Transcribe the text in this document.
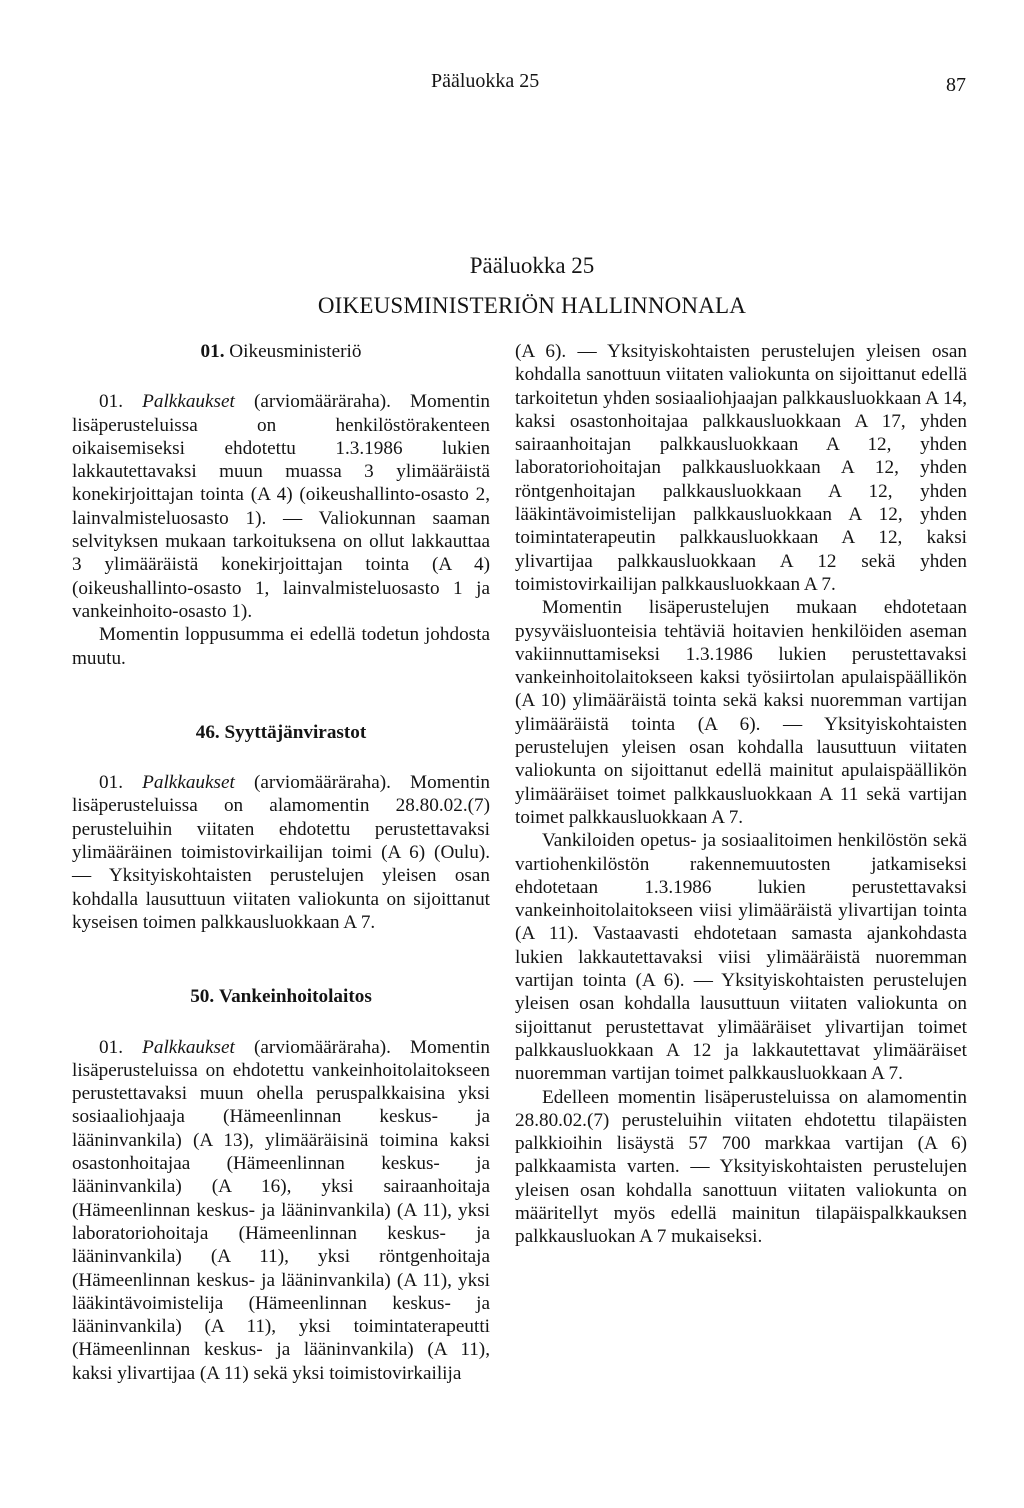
Pääluokka 25	87
Pääluokka 25
OIKEUSMINISTERIÖN HALLINNONALA

01. Oikeusministeriö

01. Palkkaukset (arviomääräraha). Momentin lisäperusteluissa on henkilöstörakenteen oikaisemiseksi ehdotettu 1.3.1986 lukien lakkautettavaksi muun muassa 3 ylimääräistä konekirjoittajan tointa (A 4) (oikeushallinto-osasto 2, lainvalmisteluosasto 1). — Valiokunnan saaman selvityksen mukaan tarkoituksena on ollut lakkauttaa 3 ylimääräistä konekirjoittajan tointa (A 4) (oikeushallinto-osasto 1, lainvalmisteluosasto 1 ja vankeinhoito-osasto 1).

Momentin loppusumma ei edellä todetun johdosta muutu.

46. Syyttäjänvirastot

01. Palkkaukset (arviomääräraha). Momentin lisäperusteluissa on alamomentin 28.80.02.(7) perusteluihin viitaten ehdotettu perustettavaksi ylimääräinen toimistovirkailijan toimi (A 6) (Oulu). — Yksityiskohtaisten perustelujen yleisen osan kohdalla lausuttuun viitaten valiokunta on sijoittanut kyseisen toimen palkkausluokkaan A 7.

50. Vankeinhoitolaitos

01. Palkkaukset (arviomääräraha). Momentin lisäperusteluissa on ehdotettu vankeinhoitolaitokseen perustettavaksi muun ohella peruspalkkaisina yksi sosiaaliohjaaja (Hämeenlinnan keskus- ja lääninvankila) (A 13), ylimääräisinä toimina kaksi osastonhoitajaa (Hämeenlinnan keskus- ja lääninvankila) (A 16), yksi sairaanhoitaja (Hämeenlinnan keskus- ja lääninvankila) (A 11), yksi laboratoriohoitaja (Hämeenlinnan keskus- ja lääninvankila) (A 11), yksi röntgenhoitaja (Hämeenlinnan keskus- ja lääninvankila) (A 11), yksi lääkintävoimistelija (Hämeenlinnan keskus- ja lääninvankila) (A 11), yksi toimintaterapeutti (Hämeenlinnan keskus- ja lääninvankila) (A 11), kaksi ylivartijaa (A 11) sekä yksi toimistovirkailija

(A 6). — Yksityiskohtaisten perustelujen yleisen osan kohdalla sanottuun viitaten valiokunta on sijoittanut edellä tarkoitetun yhden sosiaaliohjaajan palkkausluokkaan A 14, kaksi osastonhoitajaa palkkausluokkaan A 17, yhden sairaanhoitajan palkkausluokkaan A 12, yhden laboratoriohoitajan palkkausluokkaan A 12, yhden röntgenhoitajan palkkausluokkaan A 12, yhden lääkintävoimistelijan palkkausluokkaan A 12, yhden toimintaterapeutin palkkausluokkaan A 12, kaksi ylivartijaa palkkausluokkaan A 12 sekä yhden toimistovirkailijan palkkausluokkaan A 7.

Momentin lisäperustelujen mukaan ehdotetaan pysyväisluonteisia tehtäviä hoitavien henkilöiden aseman vakiinnuttamiseksi 1.3.1986 lukien perustettavaksi vankeinhoitolaitokseen kaksi työsiirtolan apulaispäällikön (A 10) ylimääräistä tointa sekä kaksi nuoremman vartijan ylimääräistä tointa (A 6). — Yksityiskohtaisten perustelujen yleisen osan kohdalla lausuttuun viitaten valiokunta on sijoittanut edellä mainitut apulaispäällikön ylimääräiset toimet palkkausluokkaan A 11 sekä vartijan toimet palkkausluokkaan A 7.

Vankiloiden opetus- ja sosiaalitoimen henkilöstön sekä vartiohenkilöstön rakennemuutosten jatkamiseksi ehdotetaan 1.3.1986 lukien perustettavaksi vankeinhoitolaitokseen viisi ylimääräistä ylivartijan tointa (A 11). Vastaavasti ehdotetaan samasta ajankohdasta lukien lakkautettavaksi viisi ylimääräistä nuoremman vartijan tointa (A 6). — Yksityiskohtaisten perustelujen yleisen osan kohdalla lausuttuun viitaten valiokunta on sijoittanut perustettavat ylimääräiset ylivartijan toimet palkkausluokkaan A 12 ja lakkautettavat ylimääräiset nuoremman vartijan toimet palkkausluokkaan A 7.

Edelleen momentin lisäperusteluissa on alamomentin 28.80.02.(7) perusteluihin viitaten ehdotettu tilapäisten palkkioihin lisäystä 57 700 markkaa vartijan (A 6) palkkaamista varten. — Yksityiskohtaisten perustelujen yleisen osan kohdalla sanottuun viitaten valiokunta on määritellyt myös edellä mainitun tilapäispalkkauksen palkkausluokan A 7 mukaiseksi.
